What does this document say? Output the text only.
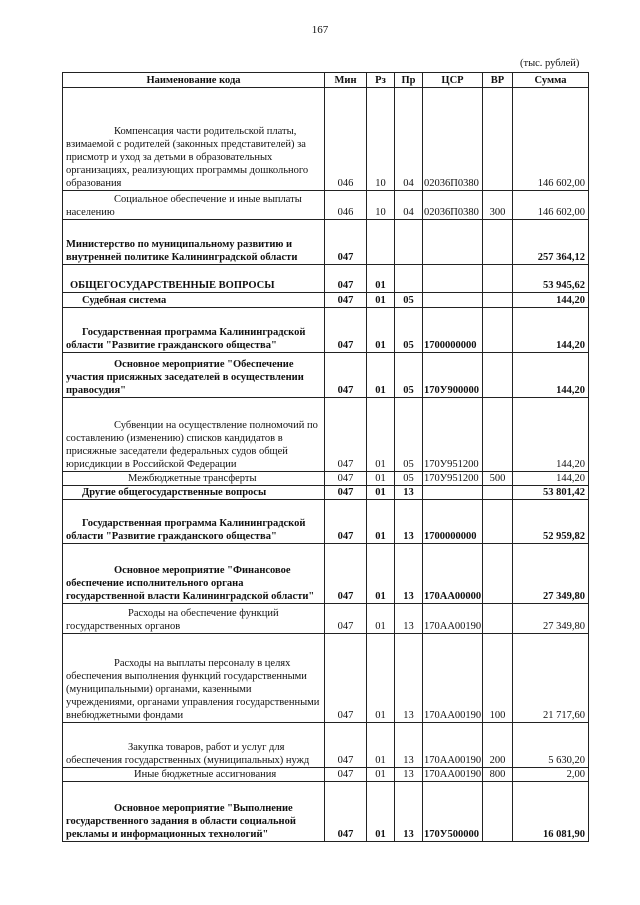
167
(тыс. рублей)
Наименование кода	Мин	Рз	Пр	ЦСР	ВР	Сумма
Компенсация части родительской платы, взимаемой с родителей (законных представителей) за присмотр и уход за детьми в образовательных организациях, реализующих программы дошкольного образования	046	10	04	02036П0380		146 602,00
Социальное обеспечение и иные выплаты населению	046	10	04	02036П0380	300	146 602,00
Министерство по муниципальному развитию и внутренней политике Калининградской области	047					257 364,12
ОБЩЕГОСУДАРСТВЕННЫЕ ВОПРОСЫ	047	01				53 945,62
Судебная система	047	01	05			144,20
Государственная программа Калининградской области "Развитие гражданского общества"	047	01	05	1700000000		144,20
Основное мероприятие "Обеспечение участия присяжных заседателей в осуществлении правосудия"	047	01	05	170У900000		144,20
Субвенции на осуществление полномочий по составлению (изменению) списков кандидатов в присяжные заседатели федеральных судов общей юрисдикции в Российской Федерации	047	01	05	170У951200		144,20
Межбюджетные трансферты	047	01	05	170У951200	500	144,20
Другие общегосударственные вопросы	047	01	13			53 801,42
Государственная программа Калининградской области "Развитие гражданского общества"	047	01	13	1700000000		52 959,82
Основное мероприятие "Финансовое обеспечение исполнительного органа государственной власти Калининградской области"	047	01	13	170АА00000		27 349,80
Расходы на обеспечение функций государственных органов	047	01	13	170АА00190		27 349,80
Расходы на выплаты персоналу в целях обеспечения выполнения функций государственными (муниципальными) органами, казенными учреждениями, органами управления государственными внебюджетными фондами	047	01	13	170АА00190	100	21 717,60
Закупка товаров, работ и услуг для обеспечения государственных (муниципальных) нужд	047	01	13	170АА00190	200	5 630,20
Иные бюджетные ассигнования	047	01	13	170АА00190	800	2,00
Основное мероприятие "Выполнение государственного задания в области социальной рекламы и информационных технологий"	047	01	13	170У500000		16 081,90
